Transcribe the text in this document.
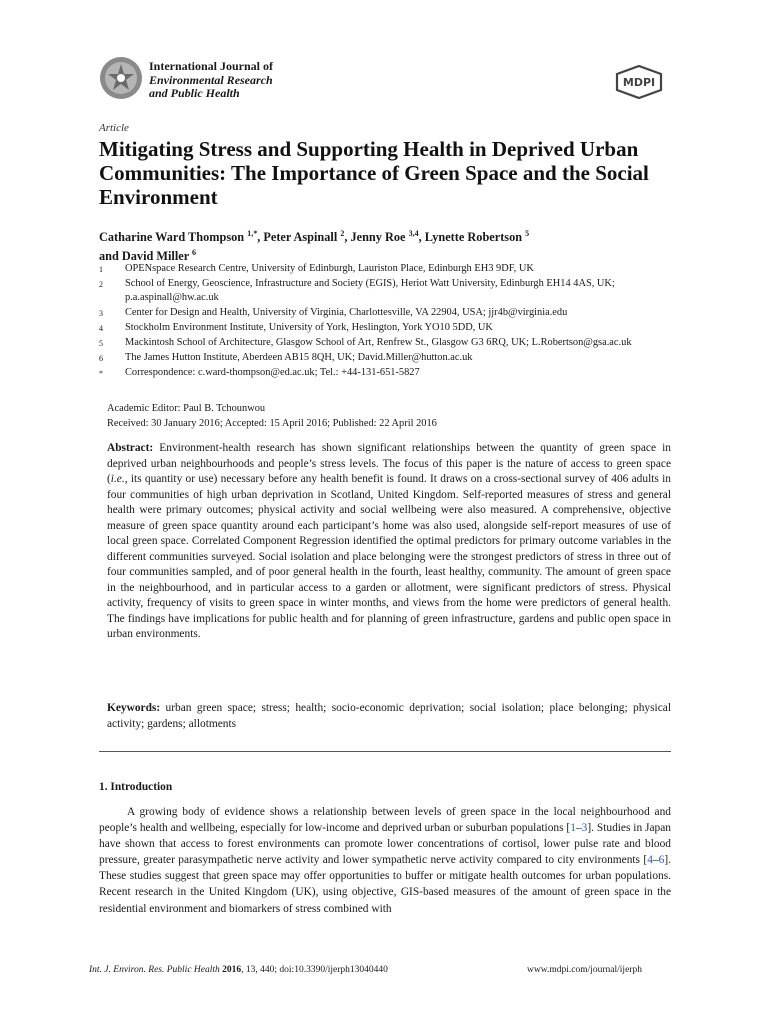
International Journal of
Environmental Research
and Public Health
MDPI
Article
Mitigating Stress and Supporting Health in Deprived Urban Communities: The Importance of Green Space and the Social Environment
Catharine Ward Thompson $^{1,*}$, Peter Aspinall $^2$, Jenny Roe $^{3,4}$, Lynette Robertson $^5$
and David Miller $^6$
1	OPENspace Research Centre, University of Edinburgh, Lauriston Place, Edinburgh EH3 9DF, UK
2	School of Energy, Geoscience, Infrastructure and Society (EGIS), Heriot Watt University, Edinburgh EH14 4AS, UK; p.a.aspinall@hw.ac.uk
3	Center for Design and Health, University of Virginia, Charlottesville, VA 22904, USA; jjr4b@virginia.edu
4	Stockholm Environment Institute, University of York, Heslington, York YO10 5DD, UK
5	Mackintosh School of Architecture, Glasgow School of Art, Renfrew St., Glasgow G3 6RQ, UK; L.Robertson@gsa.ac.uk
6	The James Hutton Institute, Aberdeen AB15 8QH, UK; David.Miller@hutton.ac.uk
*	Correspondence: c.ward-thompson@ed.ac.uk; Tel.: +44-131-651-5827
Academic Editor: Paul B. Tchounwou
Received: 30 January 2016; Accepted: 15 April 2016; Published: 22 April 2016
Abstract: Environment-health research has shown significant relationships between the quantity of green space in deprived urban neighbourhoods and people’s stress levels. The focus of this paper is the nature of access to green space (i.e., its quantity or use) necessary before any health benefit is found. It draws on a cross-sectional survey of 406 adults in four communities of high urban deprivation in Scotland, United Kingdom. Self-reported measures of stress and general health were primary outcomes; physical activity and social wellbeing were also measured. A comprehensive, objective measure of green space quantity around each participant’s home was also used, alongside self-report measures of use of local green space. Correlated Component Regression identified the optimal predictors for primary outcome variables in the different communities surveyed. Social isolation and place belonging were the strongest predictors of stress in three out of four communities sampled, and of poor general health in the fourth, least healthy, community. The amount of green space in the neighbourhood, and in particular access to a garden or allotment, were significant predictors of stress. Physical activity, frequency of visits to green space in winter months, and views from the home were predictors of general health. The findings have implications for public health and for planning of green infrastructure, gardens and public open space in urban environments.
Keywords: urban green space; stress; health; socio-economic deprivation; social isolation; place belonging; physical activity; gardens; allotments
1. Introduction
A growing body of evidence shows a relationship between levels of green space in the local neighbourhood and people’s health and wellbeing, especially for low-income and deprived urban or suburban populations [1–3]. Studies in Japan have shown that access to forest environments can promote lower concentrations of cortisol, lower pulse rate and blood pressure, greater parasympathetic nerve activity and lower sympathetic nerve activity compared to city environments [4–6]. These studies suggest that green space may offer opportunities to buffer or mitigate health outcomes for urban populations. Recent research in the United Kingdom (UK), using objective, GIS-based measures of the amount of green space in the residential environment and biomarkers of stress combined with
Int. J. Environ. Res. Public Health 2016, 13, 440; doi:10.3390/ijerph13040440	www.mdpi.com/journal/ijerph
